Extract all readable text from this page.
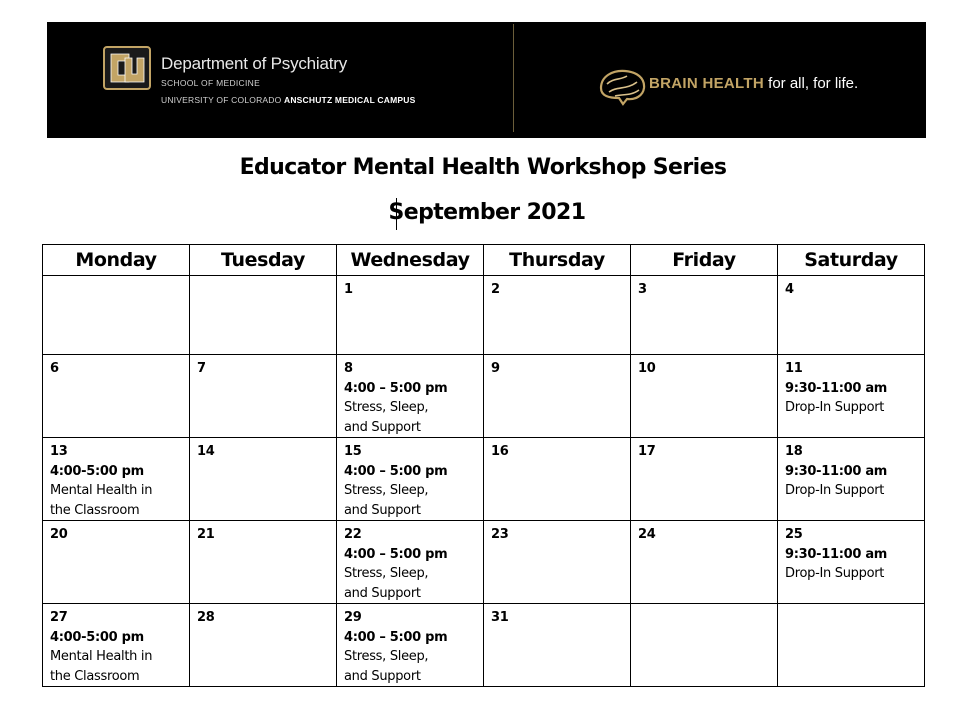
Department of Psychiatry
SCHOOL OF MEDICINE
UNIVERSITY OF COLORADO ANSCHUTZ MEDICAL CAMPUS
BRAIN HEALTH for all, for life.
Educator Mental Health Workshop Series
September 2021
Monday	Tuesday	Wednesday	Thursday	Friday	Saturday

		1	2	3	4

6	7	8
4:00 – 5:00 pm
Stress, Sleep,
and Support	9	10	11
9:30-11:00 am
Drop-In Support

13
4:00-5:00 pm
Mental Health in
the Classroom	14	15
4:00 – 5:00 pm
Stress, Sleep,
and Support	16	17	18
9:30-11:00 am
Drop-In Support

20	21	22
4:00 – 5:00 pm
Stress, Sleep,
and Support	23	24	25
9:30-11:00 am
Drop-In Support

27
4:00-5:00 pm
Mental Health in
the Classroom	28	29
4:00 – 5:00 pm
Stress, Sleep,
and Support	31		
